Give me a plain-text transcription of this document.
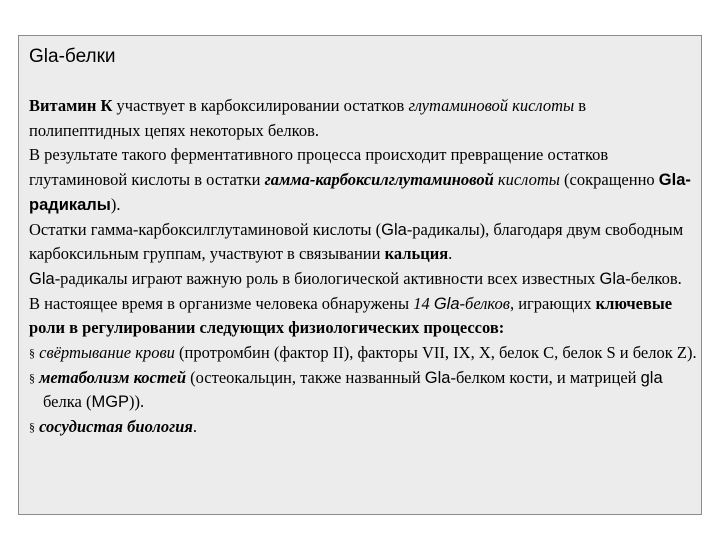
Gla-белки

Витамин К участвует в карбоксилировании остатков глутаминовой кислоты в полипептидных цепях некоторых белков.

В результате такого ферментативного процесса происходит превращение остатков глутаминовой кислоты в остатки гамма-карбоксилглутаминовой кислоты (сокращенно Gla-радикалы).

Остатки гамма-карбоксилглутаминовой кислоты (Gla-радикалы), благодаря двум свободным карбоксильным группам, участвуют в связывании кальция.

Gla-радикалы играют важную роль в биологической активности всех известных Gla-белков.

В настоящее время в организме человека обнаружены 14 Gla-белков, играющих ключевые роли в регулировании следующих физиологических процессов:

§ свёртывание крови (протромбин (фактор II), факторы VII, IX, X, белок С, белок S и белок Z).

§ метаболизм костей (остеокальцин, также названный Gla-белком кости, и матрицей gla белка (MGP)).

§ сосудистая биология.
